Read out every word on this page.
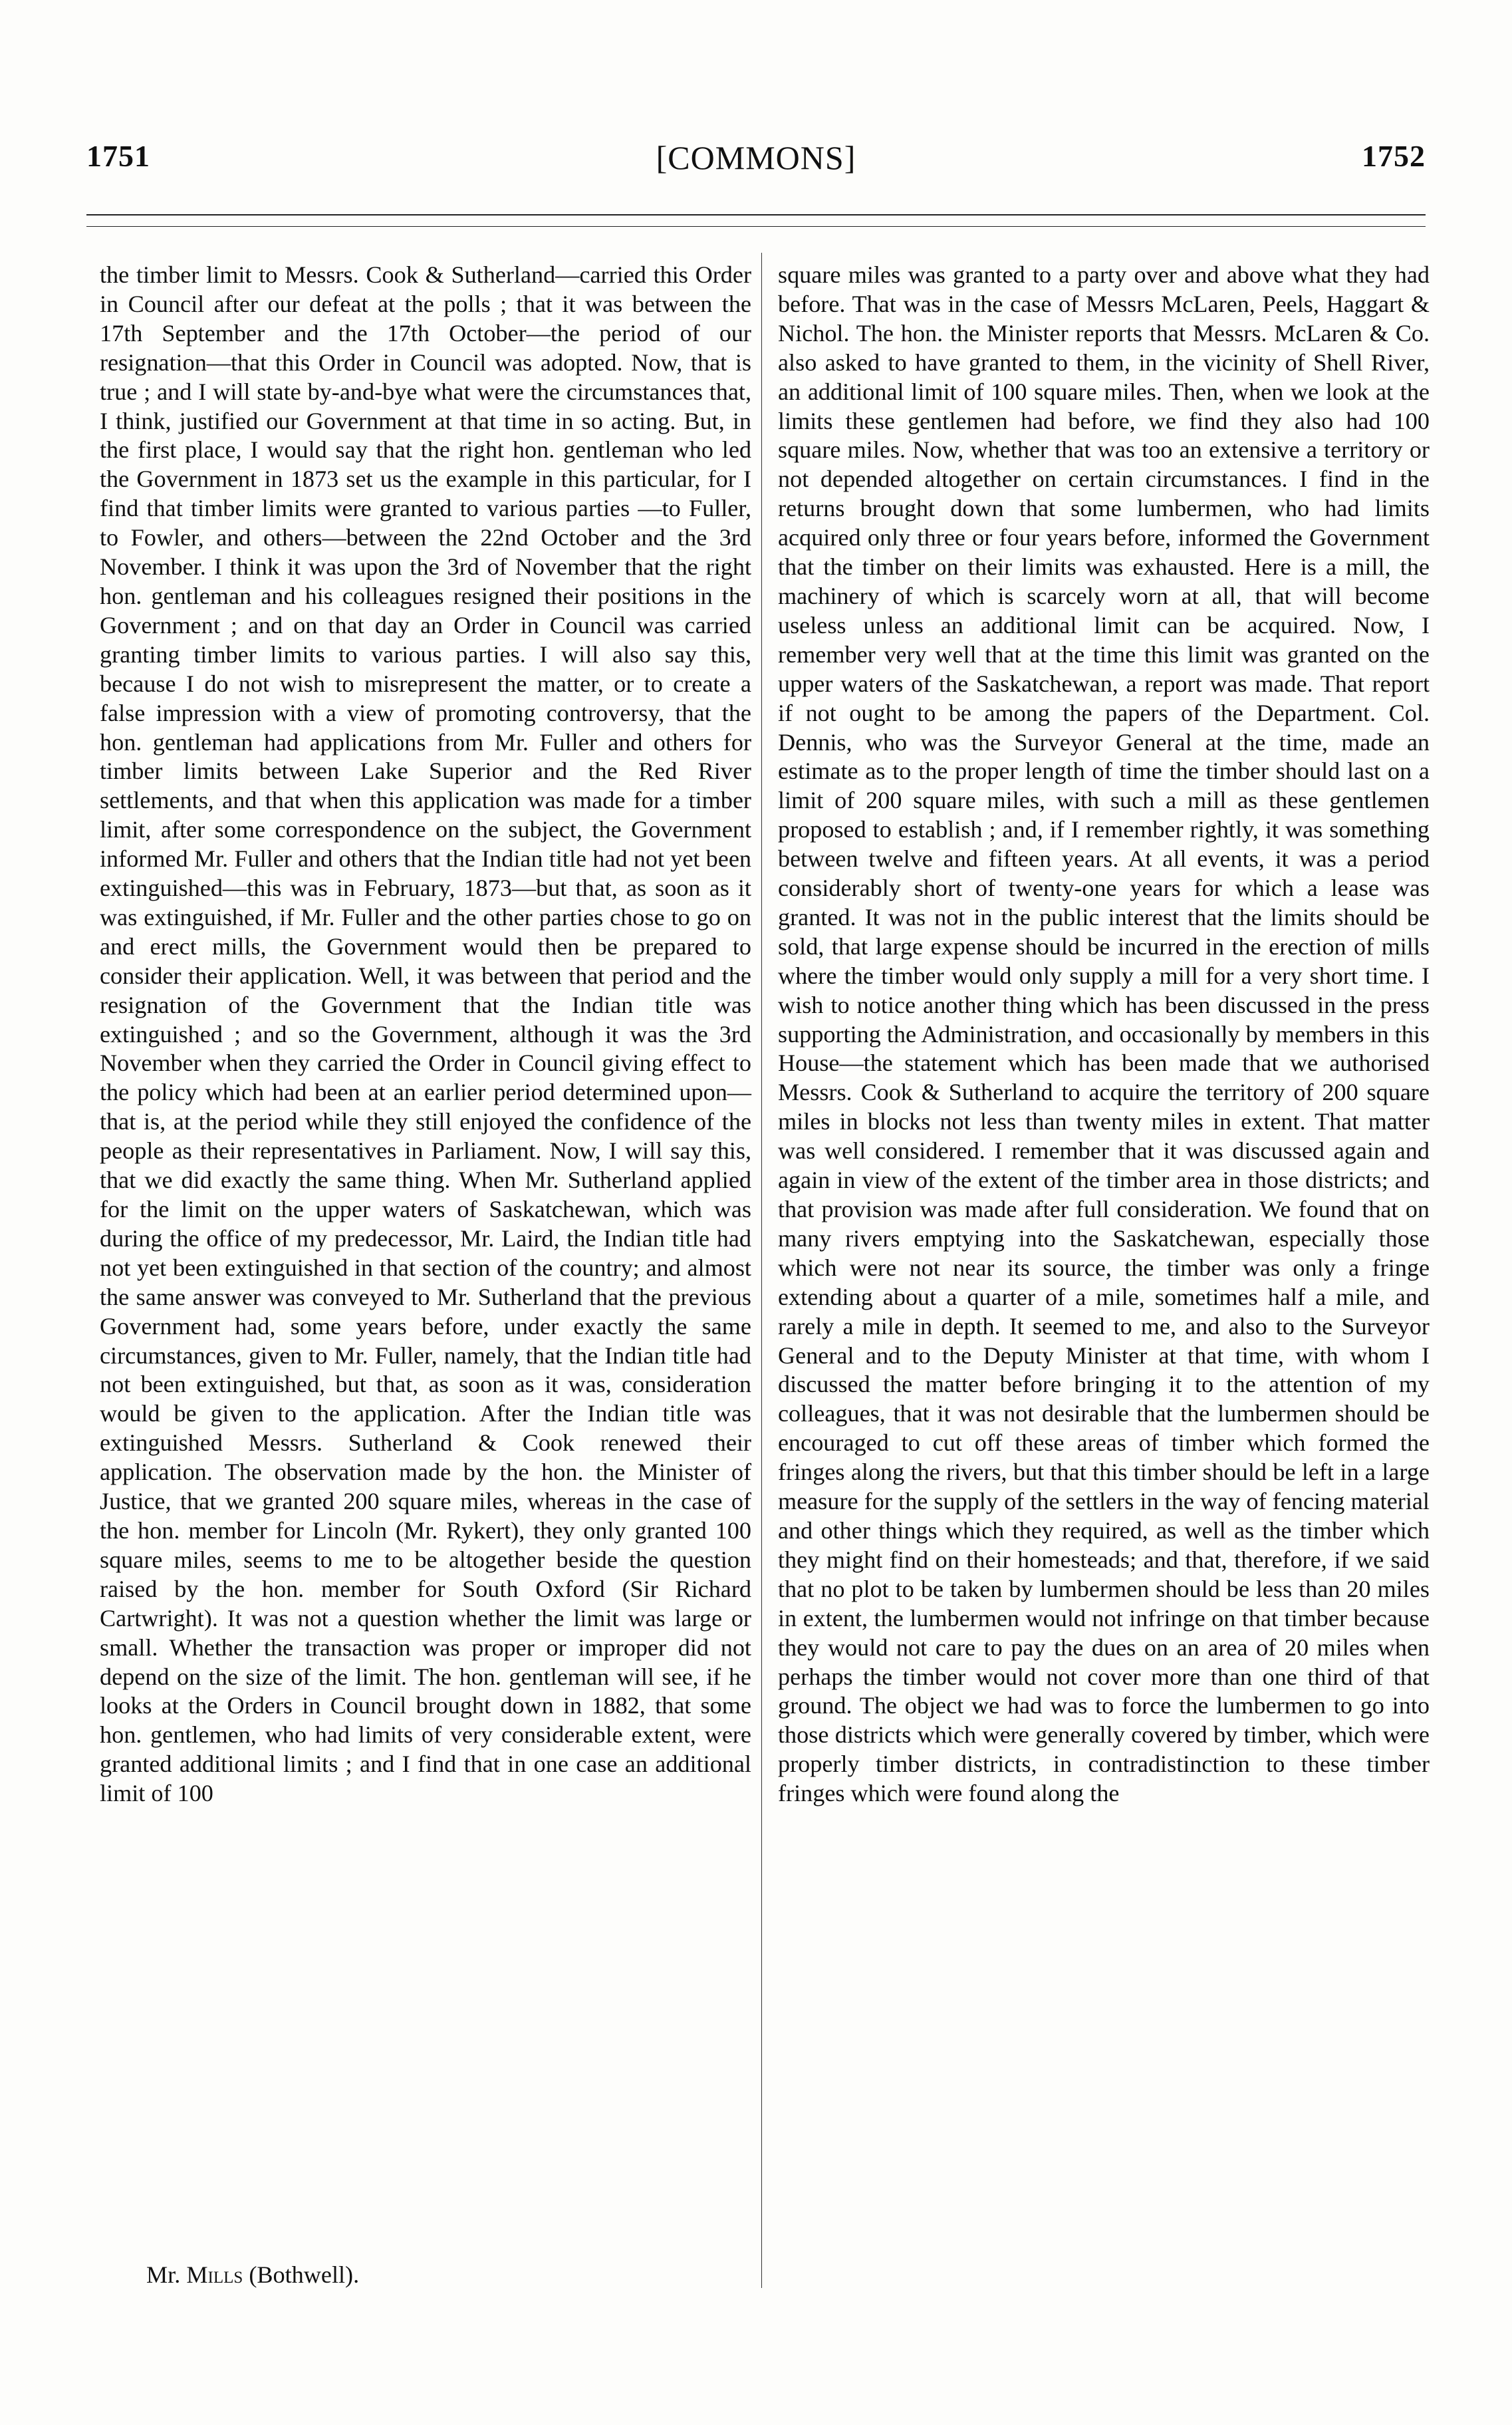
1751	[COMMONS]	1752

the timber limit to Messrs. Cook & Sutherland—carried this Order in Council after our defeat at the polls ; that it was between the 17th September and the 17th October—the period of our resignation—that this Order in Council was adopted. Now, that is true ; and I will state by-and-bye what were the circumstances that, I think, justified our Government at that time in so acting. But, in the first place, I would say that the right hon. gentleman who led the Government in 1873 set us the example in this particular, for I find that timber limits were granted to various parties —to Fuller, to Fowler, and others—between the 22nd October and the 3rd November. I think it was upon the 3rd of November that the right hon. gentleman and his colleagues resigned their positions in the Government ; and on that day an Order in Council was carried granting timber limits to various parties. I will also say this, because I do not wish to misrepresent the matter, or to create a false impression with a view of promoting controversy, that the hon. gentleman had applications from Mr. Fuller and others for timber limits between Lake Superior and the Red River settlements, and that when this application was made for a timber limit, after some correspondence on the subject, the Government informed Mr. Fuller and others that the Indian title had not yet been extinguished—this was in February, 1873—but that, as soon as it was extinguished, if Mr. Fuller and the other parties chose to go on and erect mills, the Government would then be prepared to consider their application. Well, it was between that period and the resignation of the Government that the Indian title was extinguished ; and so the Government, although it was the 3rd November when they carried the Order in Council giving effect to the policy which had been at an earlier period determined upon—that is, at the period while they still enjoyed the confidence of the people as their representatives in Parliament. Now, I will say this, that we did exactly the same thing. When Mr. Sutherland applied for the limit on the upper waters of Saskatchewan, which was during the office of my predecessor, Mr. Laird, the Indian title had not yet been extinguished in that section of the country; and almost the same answer was conveyed to Mr. Sutherland that the previous Government had, some years before, under exactly the same circumstances, given to Mr. Fuller, namely, that the Indian title had not been extinguished, but that, as soon as it was, consideration would be given to the application. After the Indian title was extinguished Messrs. Sutherland & Cook renewed their application. The observation made by the hon. the Minister of Justice, that we granted 200 square miles, whereas in the case of the hon. member for Lincoln (Mr. Rykert), they only granted 100 square miles, seems to me to be altogether beside the question raised by the hon. member for South Oxford (Sir Richard Cartwright). It was not a question whether the limit was large or small. Whether the transaction was proper or improper did not depend on the size of the limit. The hon. gentleman will see, if he looks at the Orders in Council brought down in 1882, that some hon. gentlemen, who had limits of very considerable extent, were granted additional limits ; and I find that in one case an additional limit of 100

square miles was granted to a party over and above what they had before. That was in the case of Messrs McLaren, Peels, Haggart & Nichol. The hon. the Minister reports that Messrs. McLaren & Co. also asked to have granted to them, in the vicinity of Shell River, an additional limit of 100 square miles. Then, when we look at the limits these gentlemen had before, we find they also had 100 square miles. Now, whether that was too an extensive a territory or not depended altogether on certain circumstances. I find in the returns brought down that some lumbermen, who had limits acquired only three or four years before, informed the Government that the timber on their limits was exhausted. Here is a mill, the machinery of which is scarcely worn at all, that will become useless unless an additional limit can be acquired. Now, I remember very well that at the time this limit was granted on the upper waters of the Saskatchewan, a report was made. That report if not ought to be among the papers of the Department. Col. Dennis, who was the Surveyor General at the time, made an estimate as to the proper length of time the timber should last on a limit of 200 square miles, with such a mill as these gentlemen proposed to establish ; and, if I remember rightly, it was something between twelve and fifteen years. At all events, it was a period considerably short of twenty-one years for which a lease was granted. It was not in the public interest that the limits should be sold, that large expense should be incurred in the erection of mills where the timber would only supply a mill for a very short time. I wish to notice another thing which has been discussed in the press supporting the Administration, and occasionally by members in this House—the statement which has been made that we authorised Messrs. Cook & Sutherland to acquire the territory of 200 square miles in blocks not less than twenty miles in extent. That matter was well considered. I remember that it was discussed again and again in view of the extent of the timber area in those districts; and that provision was made after full consideration. We found that on many rivers emptying into the Saskatchewan, especially those which were not near its source, the timber was only a fringe extending about a quarter of a mile, sometimes half a mile, and rarely a mile in depth. It seemed to me, and also to the Surveyor General and to the Deputy Minister at that time, with whom I discussed the matter before bringing it to the attention of my colleagues, that it was not desirable that the lumbermen should be encouraged to cut off these areas of timber which formed the fringes along the rivers, but that this timber should be left in a large measure for the supply of the settlers in the way of fencing material and other things which they required, as well as the timber which they might find on their homesteads; and that, therefore, if we said that no plot to be taken by lumbermen should be less than 20 miles in extent, the lumbermen would not infringe on that timber because they would not care to pay the dues on an area of 20 miles when perhaps the timber would not cover more than one third of that ground. The object we had was to force the lumbermen to go into those districts which were generally covered by timber, which were properly timber districts, in contradistinction to these timber fringes which were found along the

Mr. Mills (Bothwell).
